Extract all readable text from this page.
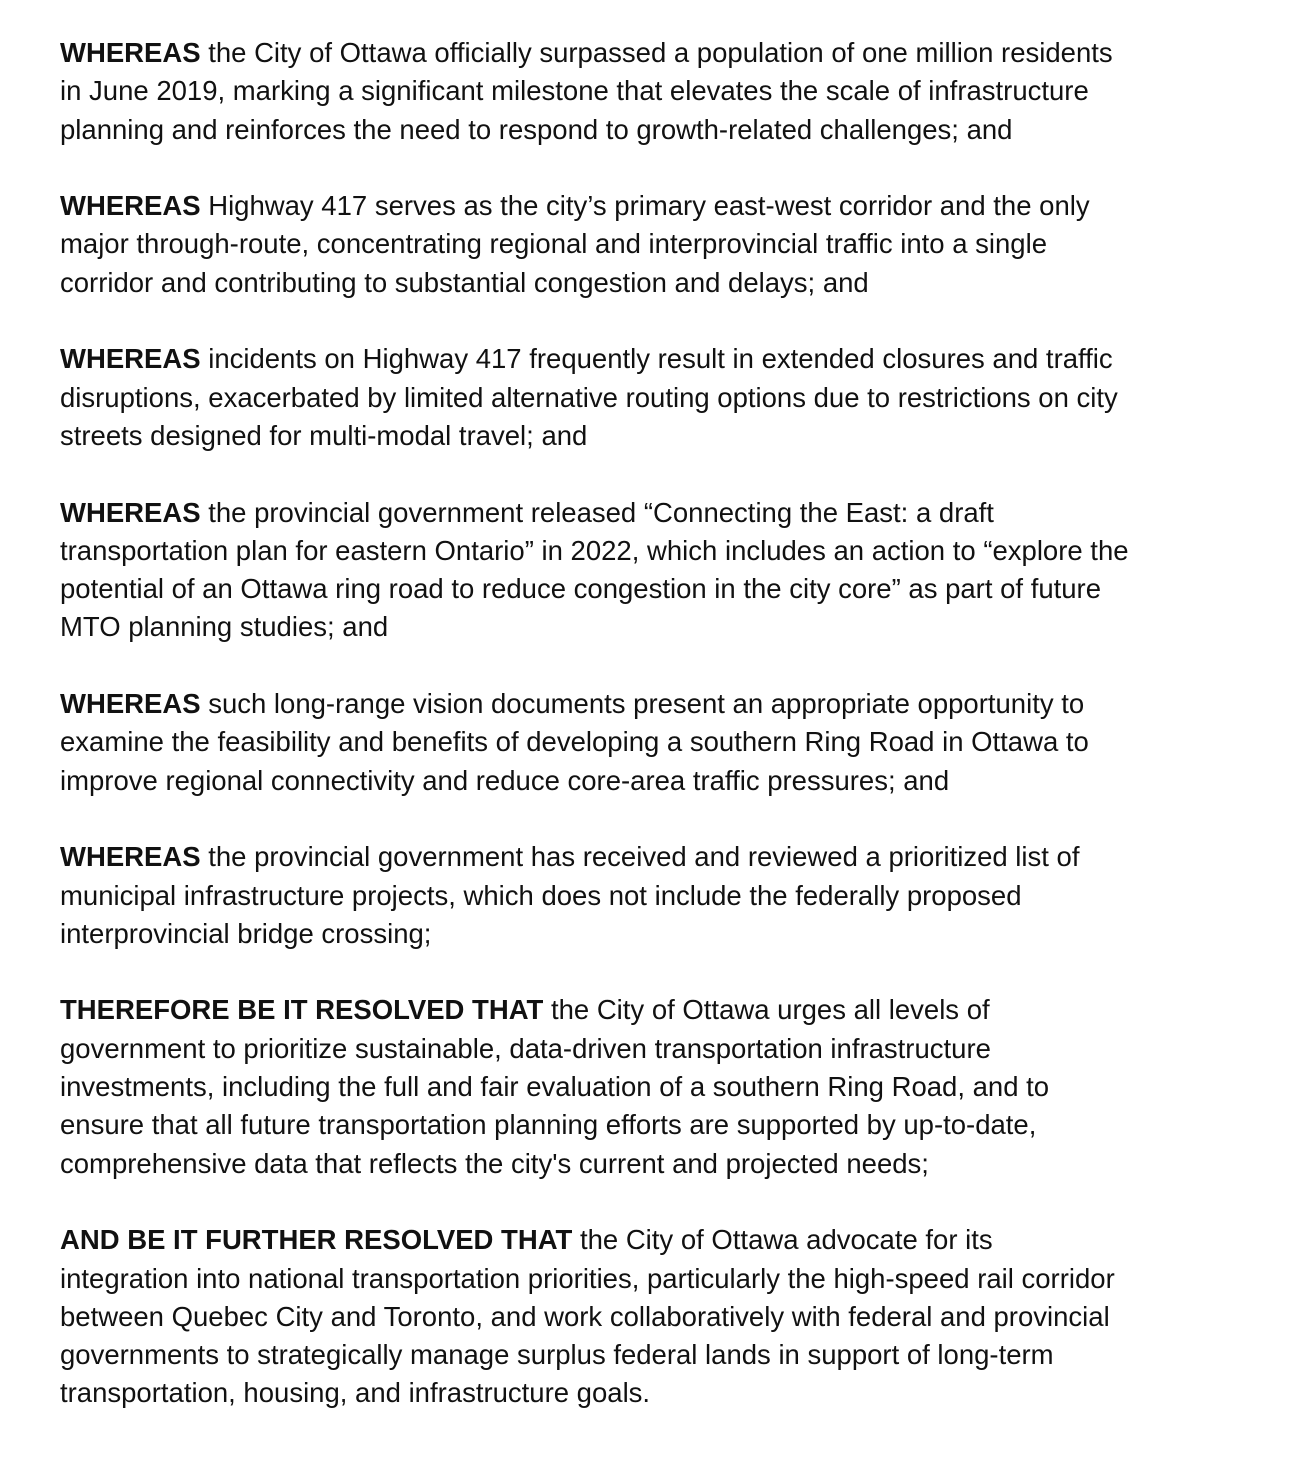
WHEREAS the City of Ottawa officially surpassed a population of one million residents
in June 2019, marking a significant milestone that elevates the scale of infrastructure
planning and reinforces the need to respond to growth-related challenges; and

WHEREAS Highway 417 serves as the city’s primary east-west corridor and the only
major through-route, concentrating regional and interprovincial traffic into a single
corridor and contributing to substantial congestion and delays; and

WHEREAS incidents on Highway 417 frequently result in extended closures and traffic
disruptions, exacerbated by limited alternative routing options due to restrictions on city
streets designed for multi-modal travel; and

WHEREAS the provincial government released “Connecting the East: a draft
transportation plan for eastern Ontario” in 2022, which includes an action to “explore the
potential of an Ottawa ring road to reduce congestion in the city core” as part of future
MTO planning studies; and

WHEREAS such long-range vision documents present an appropriate opportunity to
examine the feasibility and benefits of developing a southern Ring Road in Ottawa to
improve regional connectivity and reduce core-area traffic pressures; and

WHEREAS the provincial government has received and reviewed a prioritized list of
municipal infrastructure projects, which does not include the federally proposed
interprovincial bridge crossing;

THEREFORE BE IT RESOLVED THAT the City of Ottawa urges all levels of
government to prioritize sustainable, data-driven transportation infrastructure
investments, including the full and fair evaluation of a southern Ring Road, and to
ensure that all future transportation planning efforts are supported by up-to-date,
comprehensive data that reflects the city's current and projected needs;

AND BE IT FURTHER RESOLVED THAT the City of Ottawa advocate for its
integration into national transportation priorities, particularly the high-speed rail corridor
between Quebec City and Toronto, and work collaboratively with federal and provincial
governments to strategically manage surplus federal lands in support of long-term
transportation, housing, and infrastructure goals.
